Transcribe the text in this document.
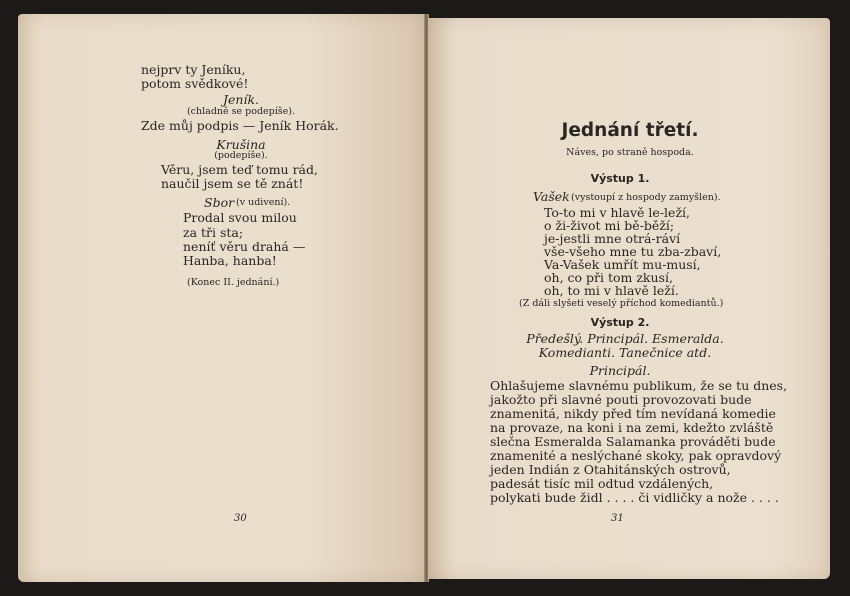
nejprv ty Jeníku,
potom svědkové!
Jeník.
(chladně se podepíše).
Zde můj podpis — Jeník Horák.
Krušina
(podepíše).
Věru, jsem teď tomu rád,
naučil jsem se tě znát!
Sbor (v udivení).
Prodal svou milou
za tři sta;
neníť věru drahá —
Hanba, hanba!
(Konec II. jednání.)
30
Jednání třetí.
Náves, po straně hospoda.
Výstup 1.
Vašek (vystoupí z hospody zamyšlen).
To-to mi v hlavě le-leží,
o ži-život mi bě-běží;
je-jestli mne otrá-ráví
vše-všeho mne tu zba-zbaví,
Va-Vašek umřít mu-musí,
oh, co při tom zkusí,
oh, to mi v hlavě leží.
(Z dáli slyšeti veselý příchod komediantů.)
Výstup 2.
Předešlý. Principál. Esmeralda.
Komedianti. Tanečnice atd.
Principál.
Ohlašujeme slavnému publikum, že se tu dnes,
jakožto při slavné pouti provozovati bude
znamenitá, nikdy před tím nevídaná komedie
na provaze, na koni i na zemi, kdežto zvláště
slečna Esmeralda Salamanka prováděti bude
znamenité a neslýchané skoky, pak opravdový
jeden Indián z Otahitánských ostrovů,
padesát tisíc mil odtud vzdálených,
polykati bude židl . . . . či vidličky a nože . . . .
31
